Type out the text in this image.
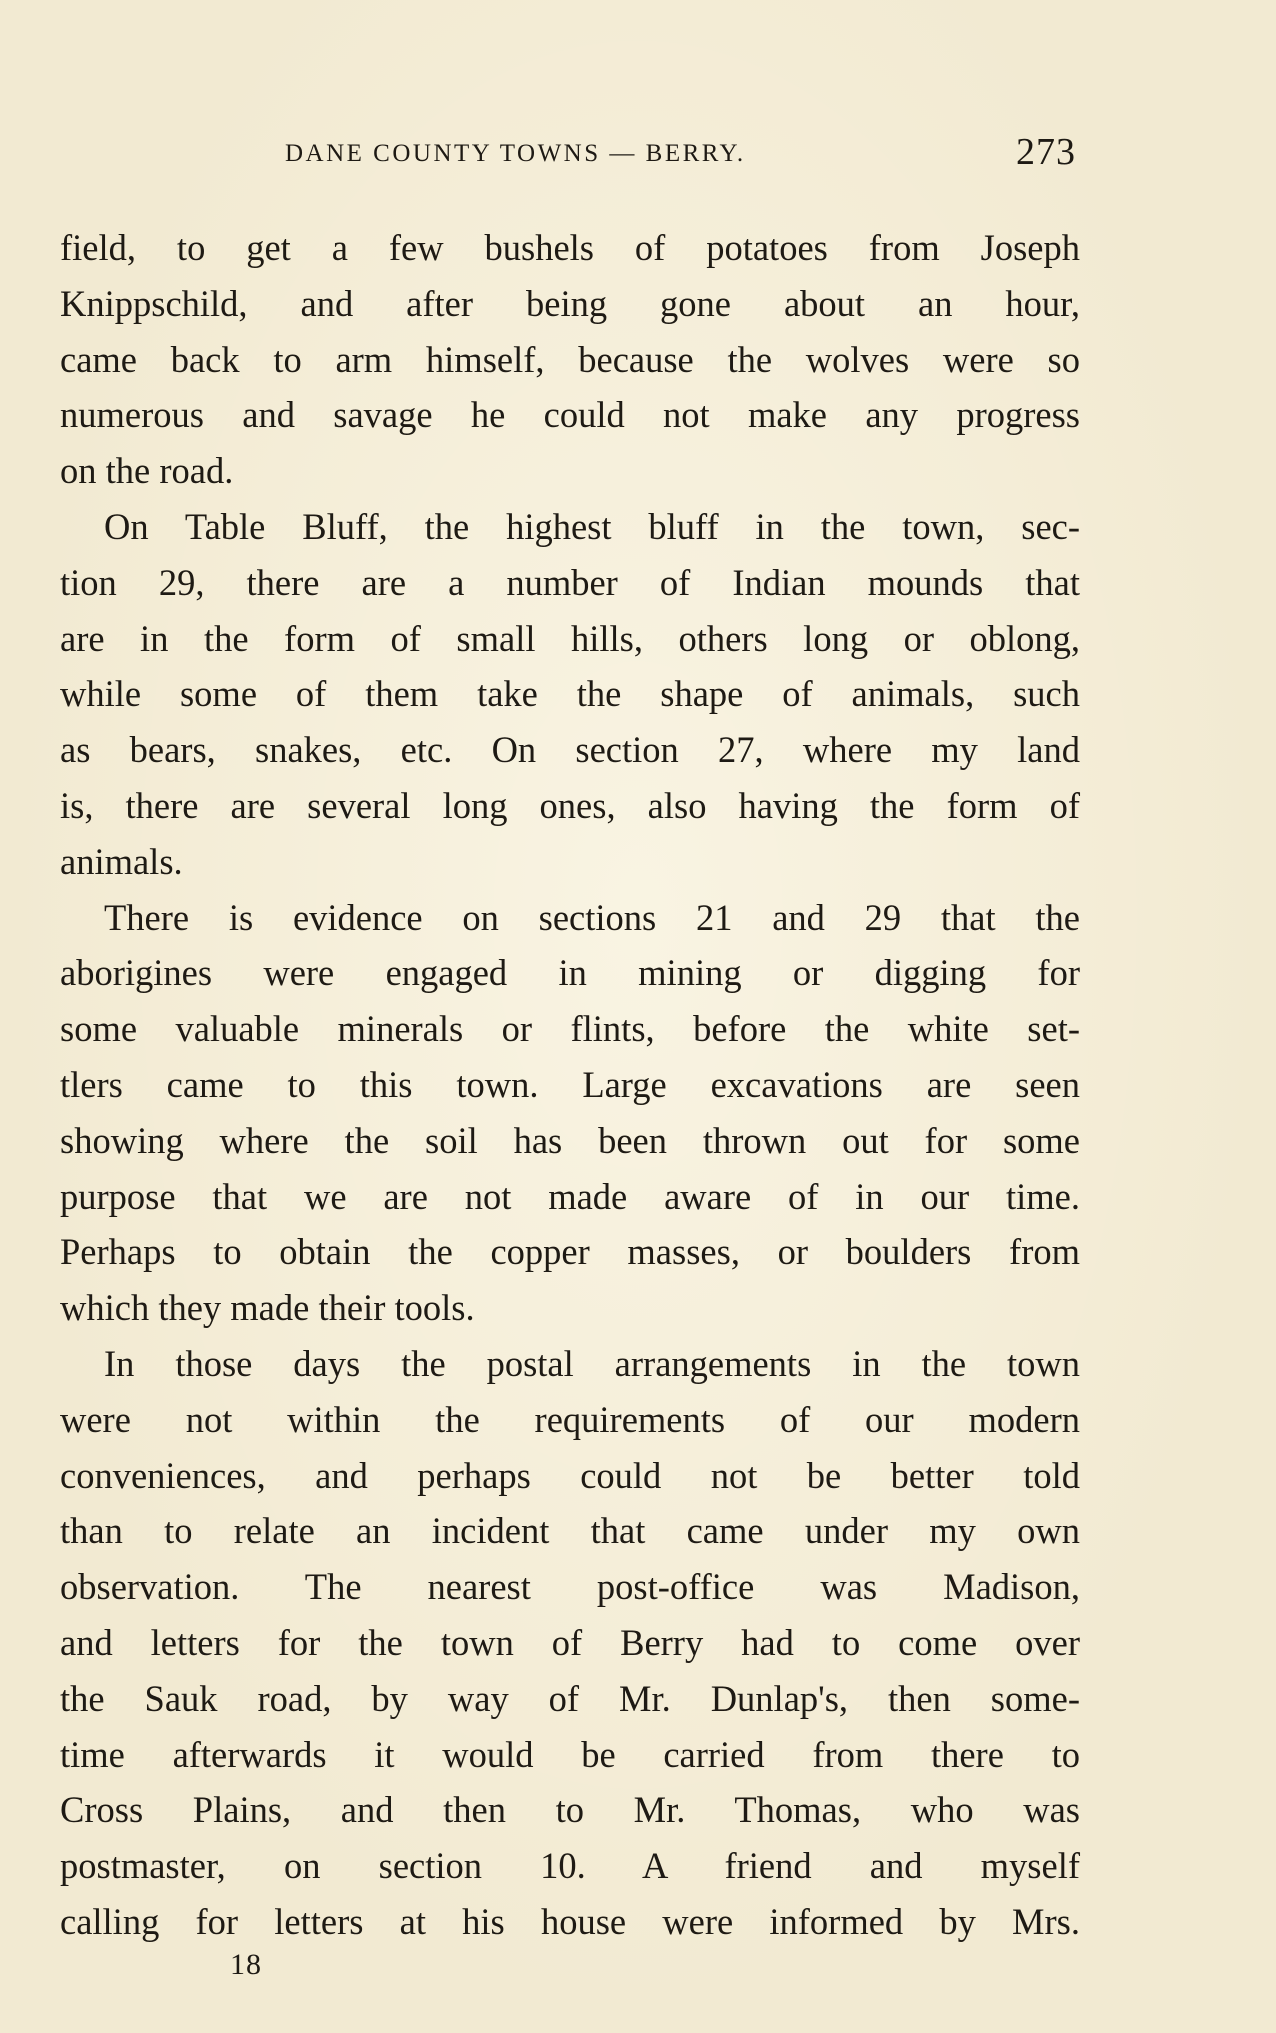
DANE COUNTY TOWNS — BERRY.	273
field, to get a few bushels of potatoes from Joseph
Knippschild, and after being gone about an hour,
came back to arm himself, because the wolves were so
numerous and savage he could not make any progress
on the road.
On Table Bluff, the highest bluff in the town, sec-
tion 29, there are a number of Indian mounds that
are in the form of small hills, others long or oblong,
while some of them take the shape of animals, such
as bears, snakes, etc. On section 27, where my land
is, there are several long ones, also having the form of
animals.
There is evidence on sections 21 and 29 that the
aborigines were engaged in mining or digging for
some valuable minerals or flints, before the white set-
tlers came to this town. Large excavations are seen
showing where the soil has been thrown out for some
purpose that we are not made aware of in our time.
Perhaps to obtain the copper masses, or boulders from
which they made their tools.
In those days the postal arrangements in the town
were not within the requirements of our modern
conveniences, and perhaps could not be better told
than to relate an incident that came under my own
observation. The nearest post-office was Madison,
and letters for the town of Berry had to come over
the Sauk road, by way of Mr. Dunlap's, then some-
time afterwards it would be carried from there to
Cross Plains, and then to Mr. Thomas, who was
postmaster, on section 10. A friend and myself
calling for letters at his house were informed by Mrs.
18
